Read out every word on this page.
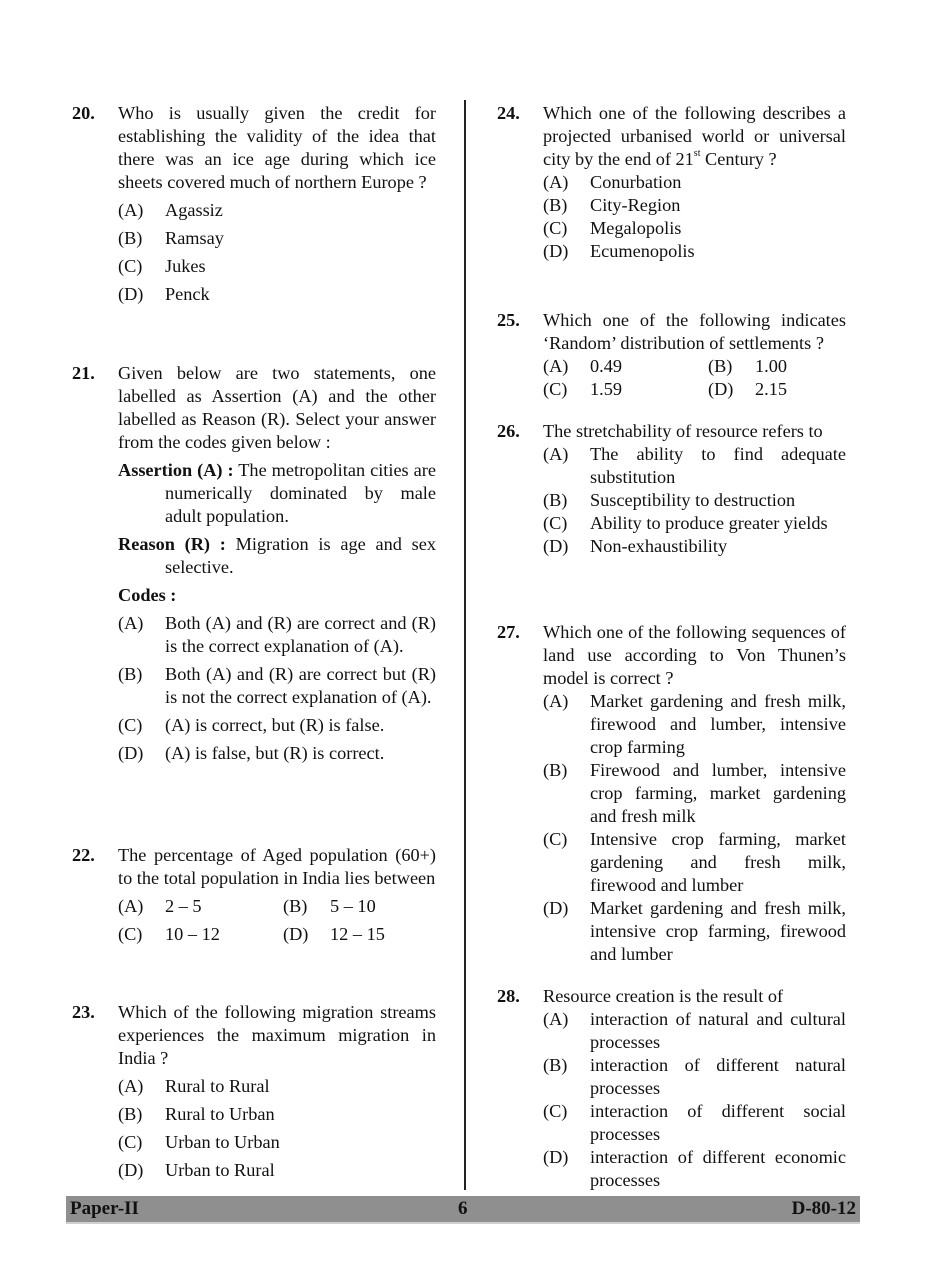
20. Who is usually given the credit for establishing the validity of the idea that there was an ice age during which ice sheets covered much of northern Europe ?
(A)	Agassiz
(B)	Ramsay
(C)	Jukes
(D)	Penck
21. Given below are two statements, one labelled as Assertion (A) and the other labelled as Reason (R). Select your answer from the codes given below :
Assertion (A) : The metropolitan cities are numerically dominated by male adult population.
Reason (R) : Migration is age and sex selective.
Codes :
(A)	Both (A) and (R) are correct and (R) is the correct explanation of (A).
(B)	Both (A) and (R) are correct but (R) is not the correct explanation of (A).
(C)	(A) is correct, but (R) is false.
(D)	(A) is false, but (R) is correct.
22. The percentage of Aged population (60+) to the total population in India lies between
(A)	2 – 5	(B)	5 – 10
(C)	10 – 12	(D)	12 – 15
23. Which of the following migration streams experiences the maximum migration in India ?
(A)	Rural to Rural
(B)	Rural to Urban
(C)	Urban to Urban
(D)	Urban to Rural
24. Which one of the following describes a projected urbanised world or universal city by the end of 21st Century ?
(A)	Conurbation
(B)	City-Region
(C)	Megalopolis
(D)	Ecumenopolis
25. Which one of the following indicates ‘Random’ distribution of settlements ?
(A)	0.49	(B)	1.00
(C)	1.59	(D)	2.15
26. The stretchability of resource refers to
(A)	The ability to find adequate substitution
(B)	Susceptibility to destruction
(C)	Ability to produce greater yields
(D)	Non-exhaustibility
27. Which one of the following sequences of land use according to Von Thunen’s model is correct ?
(A)	Market gardening and fresh milk, firewood and lumber, intensive crop farming
(B)	Firewood and lumber, intensive crop farming, market gardening and fresh milk
(C)	Intensive crop farming, market gardening and fresh milk, firewood and lumber
(D)	Market gardening and fresh milk, intensive crop farming, firewood and lumber
28. Resource creation is the result of
(A)	interaction of natural and cultural processes
(B)	interaction of different natural processes
(C)	interaction of different social processes
(D)	interaction of different economic processes
Paper-II	6	D-80-12
